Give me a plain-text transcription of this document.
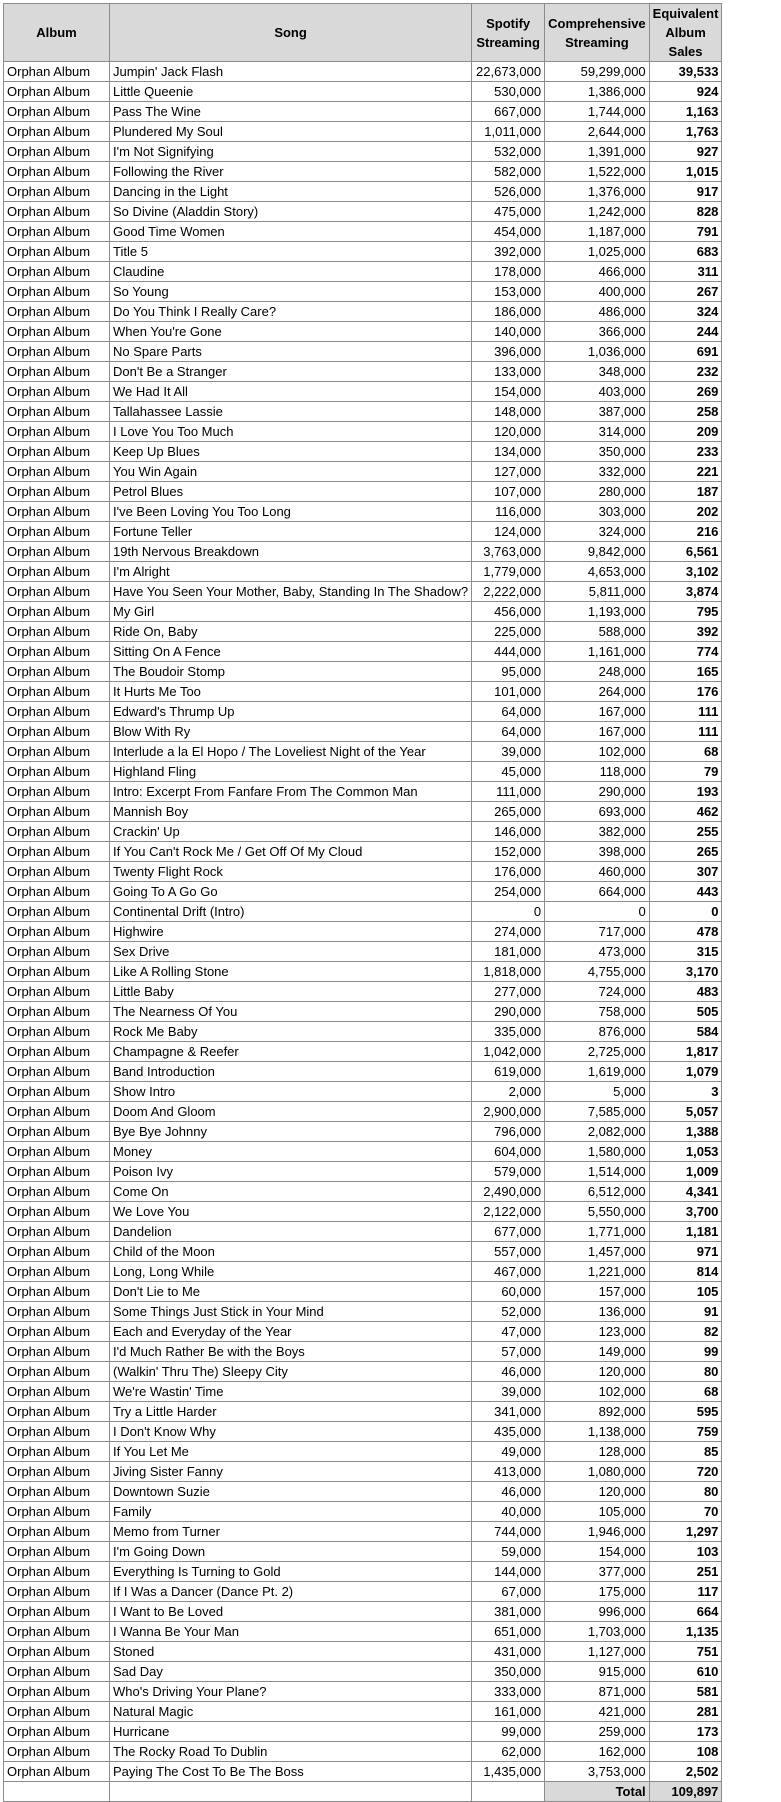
Album	Song	Spotify Streaming	Comprehensive Streaming	Equivalent Album Sales
Orphan Album	Jumpin' Jack Flash	22,673,000	59,299,000	39,533
Orphan Album	Little Queenie	530,000	1,386,000	924
Orphan Album	Pass The Wine	667,000	1,744,000	1,163
Orphan Album	Plundered My Soul	1,011,000	2,644,000	1,763
Orphan Album	I'm Not Signifying	532,000	1,391,000	927
Orphan Album	Following the River	582,000	1,522,000	1,015
Orphan Album	Dancing in the Light	526,000	1,376,000	917
Orphan Album	So Divine (Aladdin Story)	475,000	1,242,000	828
Orphan Album	Good Time Women	454,000	1,187,000	791
Orphan Album	Title 5	392,000	1,025,000	683
Orphan Album	Claudine	178,000	466,000	311
Orphan Album	So Young	153,000	400,000	267
Orphan Album	Do You Think I Really Care?	186,000	486,000	324
Orphan Album	When You're Gone	140,000	366,000	244
Orphan Album	No Spare Parts	396,000	1,036,000	691
Orphan Album	Don't Be a Stranger	133,000	348,000	232
Orphan Album	We Had It All	154,000	403,000	269
Orphan Album	Tallahassee Lassie	148,000	387,000	258
Orphan Album	I Love You Too Much	120,000	314,000	209
Orphan Album	Keep Up Blues	134,000	350,000	233
Orphan Album	You Win Again	127,000	332,000	221
Orphan Album	Petrol Blues	107,000	280,000	187
Orphan Album	I've Been Loving You Too Long	116,000	303,000	202
Orphan Album	Fortune Teller	124,000	324,000	216
Orphan Album	19th Nervous Breakdown	3,763,000	9,842,000	6,561
Orphan Album	I'm Alright	1,779,000	4,653,000	3,102
Orphan Album	Have You Seen Your Mother, Baby, Standing In The Shadow?	2,222,000	5,811,000	3,874
Orphan Album	My Girl	456,000	1,193,000	795
Orphan Album	Ride On, Baby	225,000	588,000	392
Orphan Album	Sitting On A Fence	444,000	1,161,000	774
Orphan Album	The Boudoir Stomp	95,000	248,000	165
Orphan Album	It Hurts Me Too	101,000	264,000	176
Orphan Album	Edward's Thrump Up	64,000	167,000	111
Orphan Album	Blow With Ry	64,000	167,000	111
Orphan Album	Interlude a la El Hopo / The Loveliest Night of the Year	39,000	102,000	68
Orphan Album	Highland Fling	45,000	118,000	79
Orphan Album	Intro: Excerpt From Fanfare From The Common Man	111,000	290,000	193
Orphan Album	Mannish Boy	265,000	693,000	462
Orphan Album	Crackin' Up	146,000	382,000	255
Orphan Album	If You Can't Rock Me / Get Off Of My Cloud	152,000	398,000	265
Orphan Album	Twenty Flight Rock	176,000	460,000	307
Orphan Album	Going To A Go Go	254,000	664,000	443
Orphan Album	Continental Drift (Intro)	0	0	0
Orphan Album	Highwire	274,000	717,000	478
Orphan Album	Sex Drive	181,000	473,000	315
Orphan Album	Like A Rolling Stone	1,818,000	4,755,000	3,170
Orphan Album	Little Baby	277,000	724,000	483
Orphan Album	The Nearness Of You	290,000	758,000	505
Orphan Album	Rock Me Baby	335,000	876,000	584
Orphan Album	Champagne & Reefer	1,042,000	2,725,000	1,817
Orphan Album	Band Introduction	619,000	1,619,000	1,079
Orphan Album	Show Intro	2,000	5,000	3
Orphan Album	Doom And Gloom	2,900,000	7,585,000	5,057
Orphan Album	Bye Bye Johnny	796,000	2,082,000	1,388
Orphan Album	Money	604,000	1,580,000	1,053
Orphan Album	Poison Ivy	579,000	1,514,000	1,009
Orphan Album	Come On	2,490,000	6,512,000	4,341
Orphan Album	We Love You	2,122,000	5,550,000	3,700
Orphan Album	Dandelion	677,000	1,771,000	1,181
Orphan Album	Child of the Moon	557,000	1,457,000	971
Orphan Album	Long, Long While	467,000	1,221,000	814
Orphan Album	Don't Lie to Me	60,000	157,000	105
Orphan Album	Some Things Just Stick in Your Mind	52,000	136,000	91
Orphan Album	Each and Everyday of the Year	47,000	123,000	82
Orphan Album	I'd Much Rather Be with the Boys	57,000	149,000	99
Orphan Album	(Walkin' Thru The) Sleepy City	46,000	120,000	80
Orphan Album	We're Wastin' Time	39,000	102,000	68
Orphan Album	Try a Little Harder	341,000	892,000	595
Orphan Album	I Don't Know Why	435,000	1,138,000	759
Orphan Album	If You Let Me	49,000	128,000	85
Orphan Album	Jiving Sister Fanny	413,000	1,080,000	720
Orphan Album	Downtown Suzie	46,000	120,000	80
Orphan Album	Family	40,000	105,000	70
Orphan Album	Memo from Turner	744,000	1,946,000	1,297
Orphan Album	I'm Going Down	59,000	154,000	103
Orphan Album	Everything Is Turning to Gold	144,000	377,000	251
Orphan Album	If I Was a Dancer (Dance Pt. 2)	67,000	175,000	117
Orphan Album	I Want to Be Loved	381,000	996,000	664
Orphan Album	I Wanna Be Your Man	651,000	1,703,000	1,135
Orphan Album	Stoned	431,000	1,127,000	751
Orphan Album	Sad Day	350,000	915,000	610
Orphan Album	Who's Driving Your Plane?	333,000	871,000	581
Orphan Album	Natural Magic	161,000	421,000	281
Orphan Album	Hurricane	99,000	259,000	173
Orphan Album	The Rocky Road To Dublin	62,000	162,000	108
Orphan Album	Paying The Cost To Be The Boss	1,435,000	3,753,000	2,502
			Total	109,897
